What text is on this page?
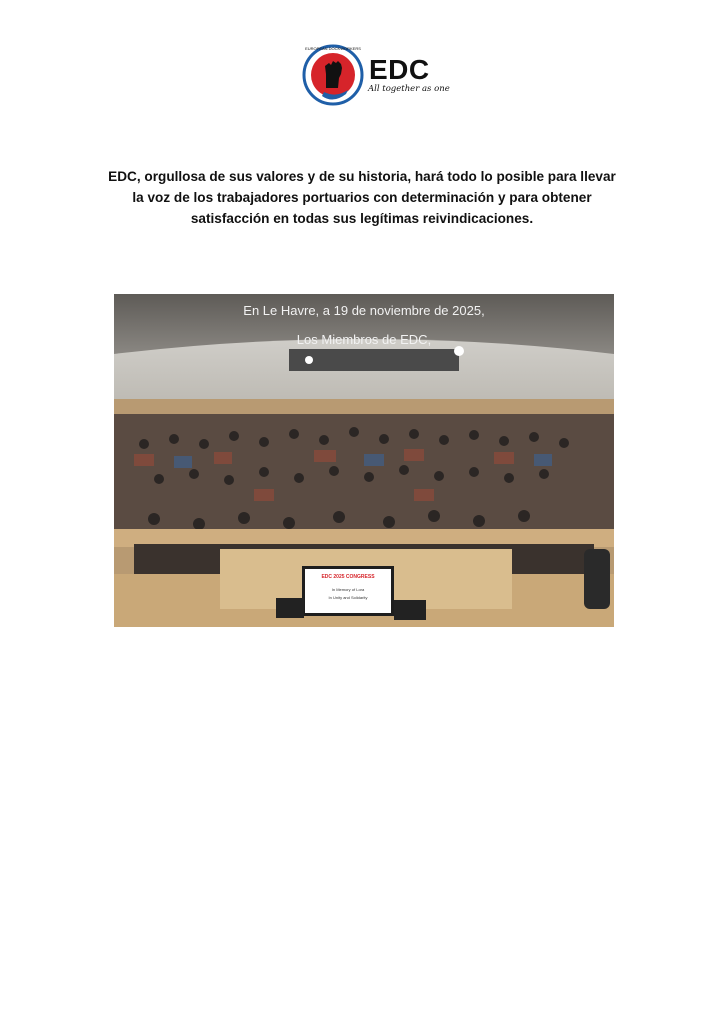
EUROPEAN DOCKWORKERS
EDC
All together as one
EDC, orgullosa de sus valores y de su historia, hará todo lo posible para llevar
la voz de los trabajadores portuarios con determinación y para obtener
satisfacción en todas sus legítimas reivindicaciones.
EDC 2025 CONGRESS
In Memory of Lora
In Unity and Solidarity
En Le Havre, a 19 de noviembre de 2025,
Los Miembros de EDC,
